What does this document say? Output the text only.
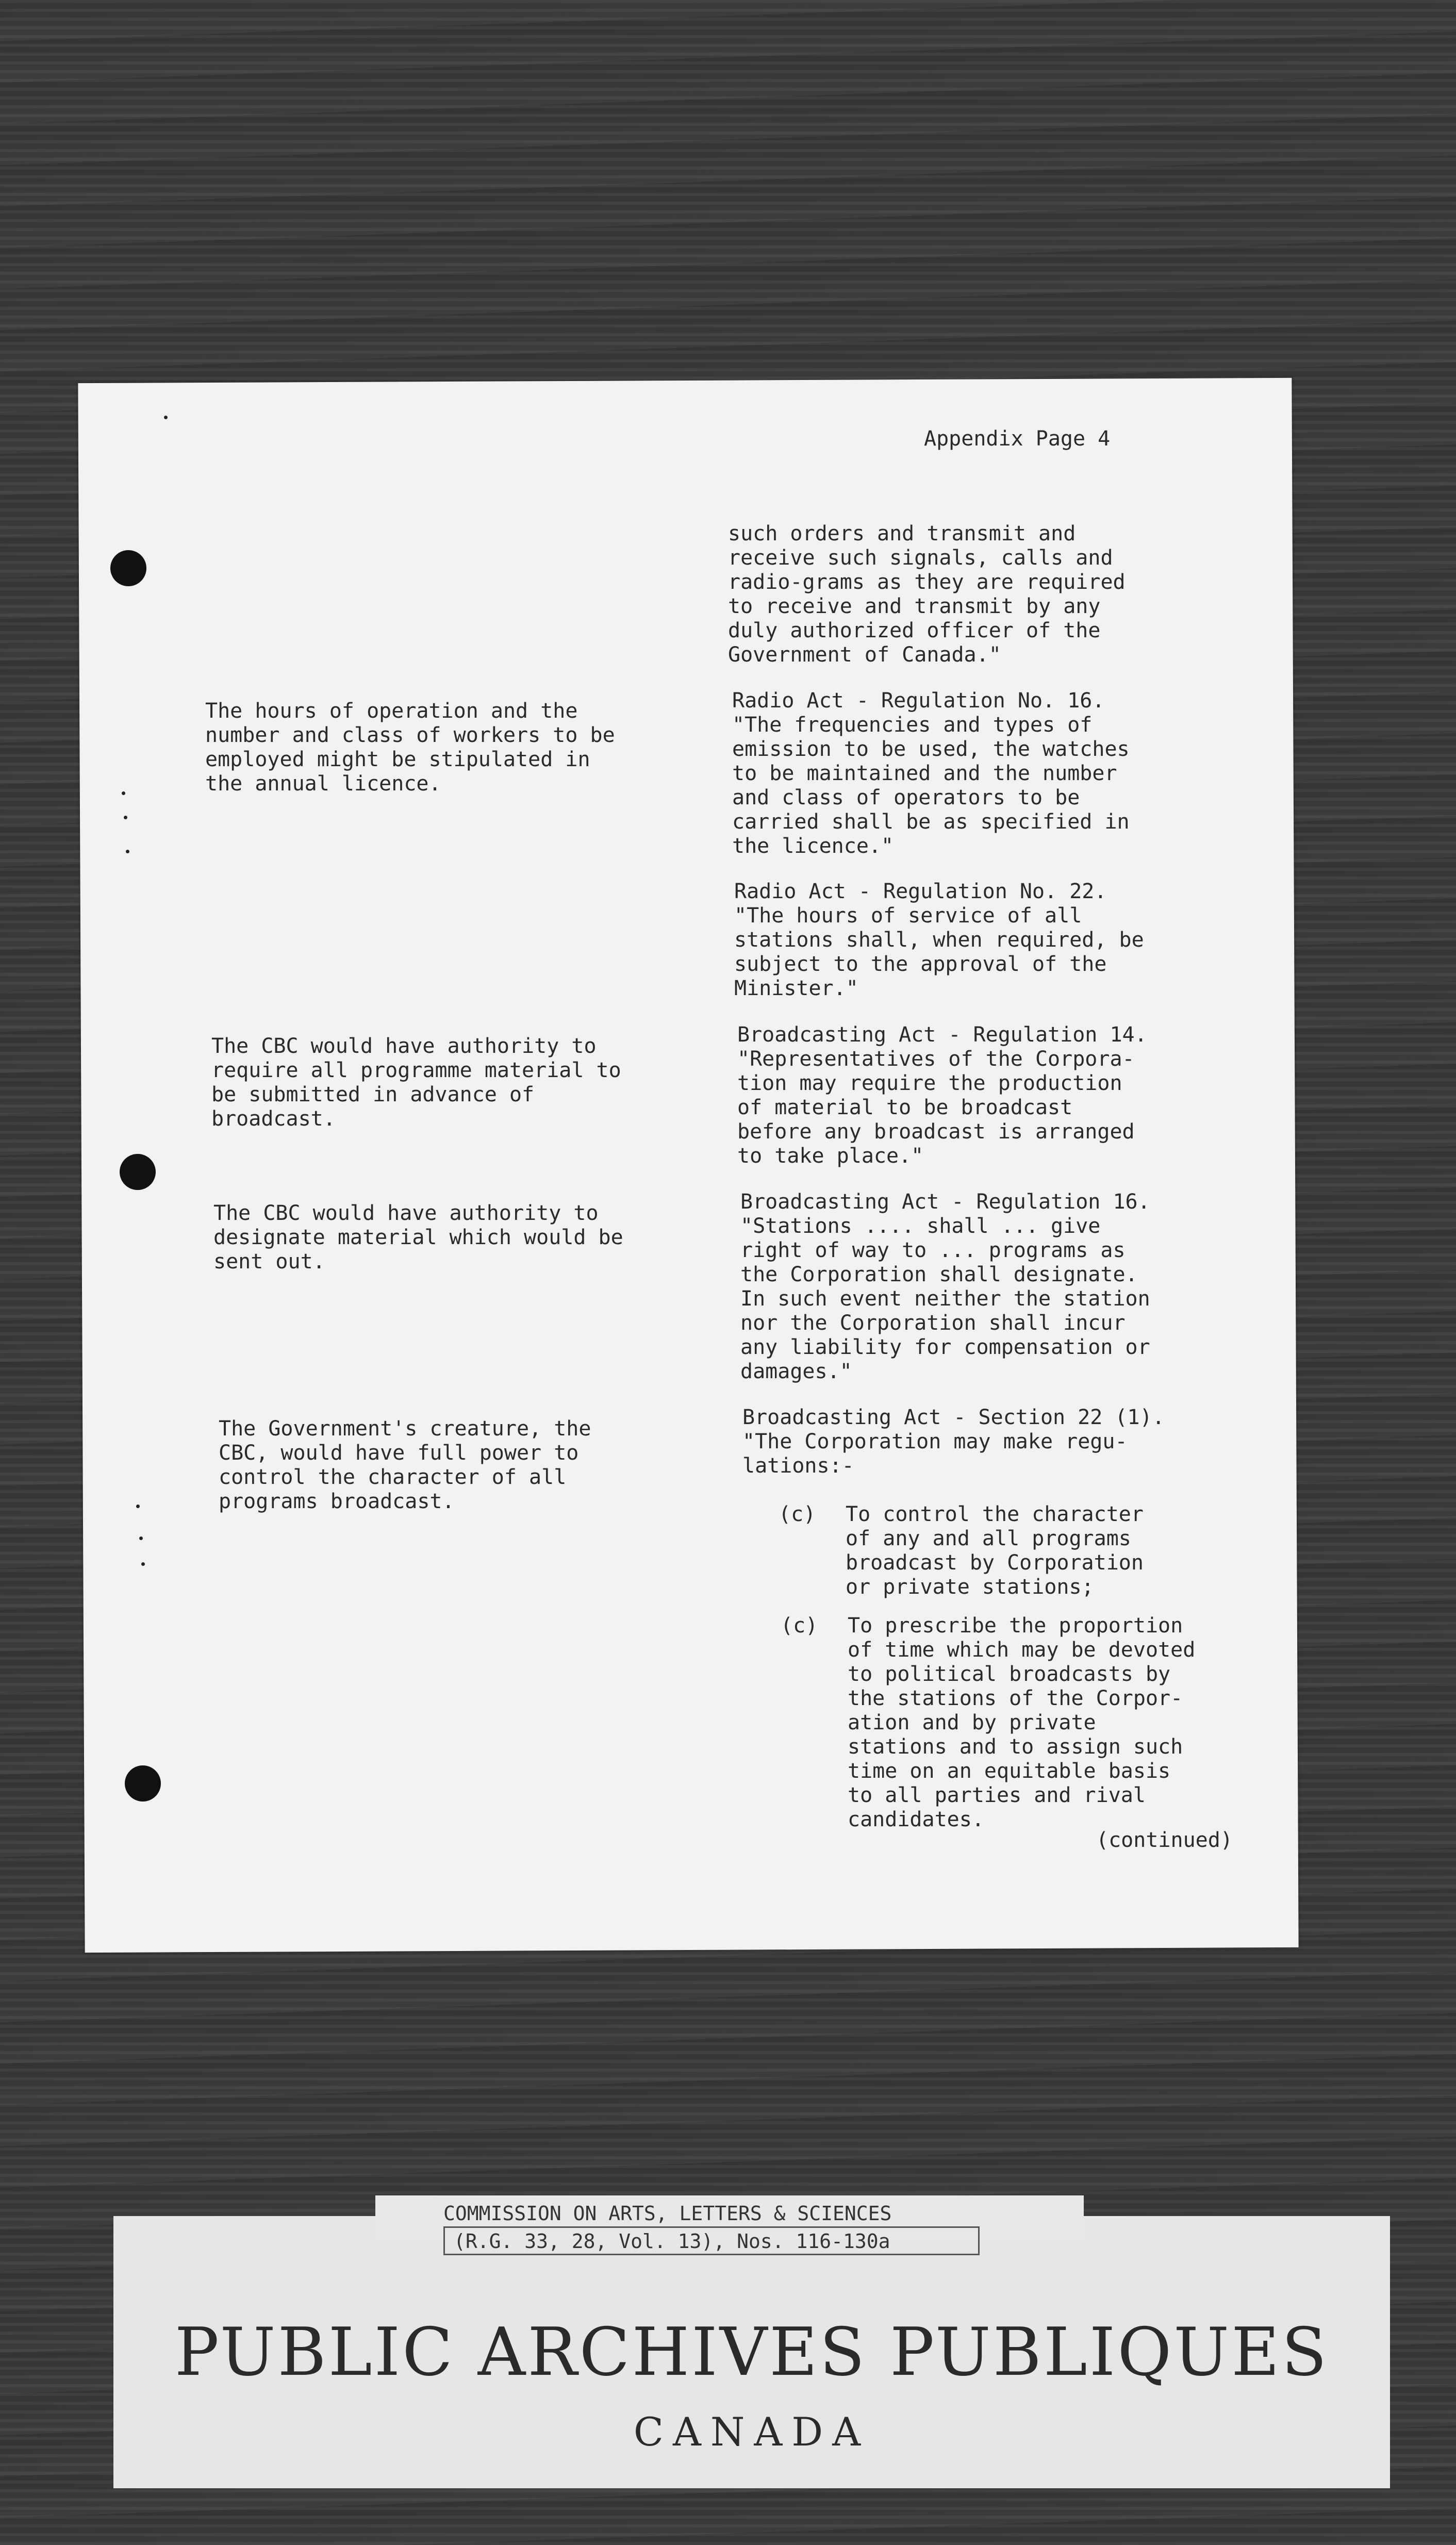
Appendix Page 4
such orders and transmit and
receive such signals, calls and
radio-grams as they are required
to receive and transmit by any
duly authorized officer of the
Government of Canada."
The hours of operation and the
number and class of workers to be
employed might be stipulated in
the annual licence.
Radio Act - Regulation No. 16.
"The frequencies and types of
emission to be used, the watches
to be maintained and the number
and class of operators to be
carried shall be as specified in
the licence."
Radio Act - Regulation No. 22.
"The hours of service of all
stations shall, when required, be
subject to the approval of the
Minister."
The CBC would have authority to
require all programme material to
be submitted in advance of
broadcast.
Broadcasting Act - Regulation 14.
"Representatives of the Corpora-
tion may require the production
of material to be broadcast
before any broadcast is arranged
to take place."
The CBC would have authority to
designate material which would be
sent out.
Broadcasting Act - Regulation 16.
"Stations .... shall ... give
right of way to ... programs as
the Corporation shall designate.
In such event neither the station
nor the Corporation shall incur
any liability for compensation or
damages."
The Government's creature, the
CBC, would have full power to
control the character of all
programs broadcast.
Broadcasting Act - Section 22 (1).
"The Corporation may make regu-
lations:-

(c)

To control the character
of any and all programs
broadcast by Corporation
or private stations;

(c)

To prescribe the proportion
of time which may be devoted
to political broadcasts by
the stations of the Corpor-
ation and by private
stations and to assign such
time on an equitable basis
to all parties and rival
candidates.

(continued)
COMMISSION ON ARTS, LETTERS & SCIENCES
(R.G. 33, 28, Vol. 13), Nos. 116-130a
PUBLIC ARCHIVES PUBLIQUES
CANADA
